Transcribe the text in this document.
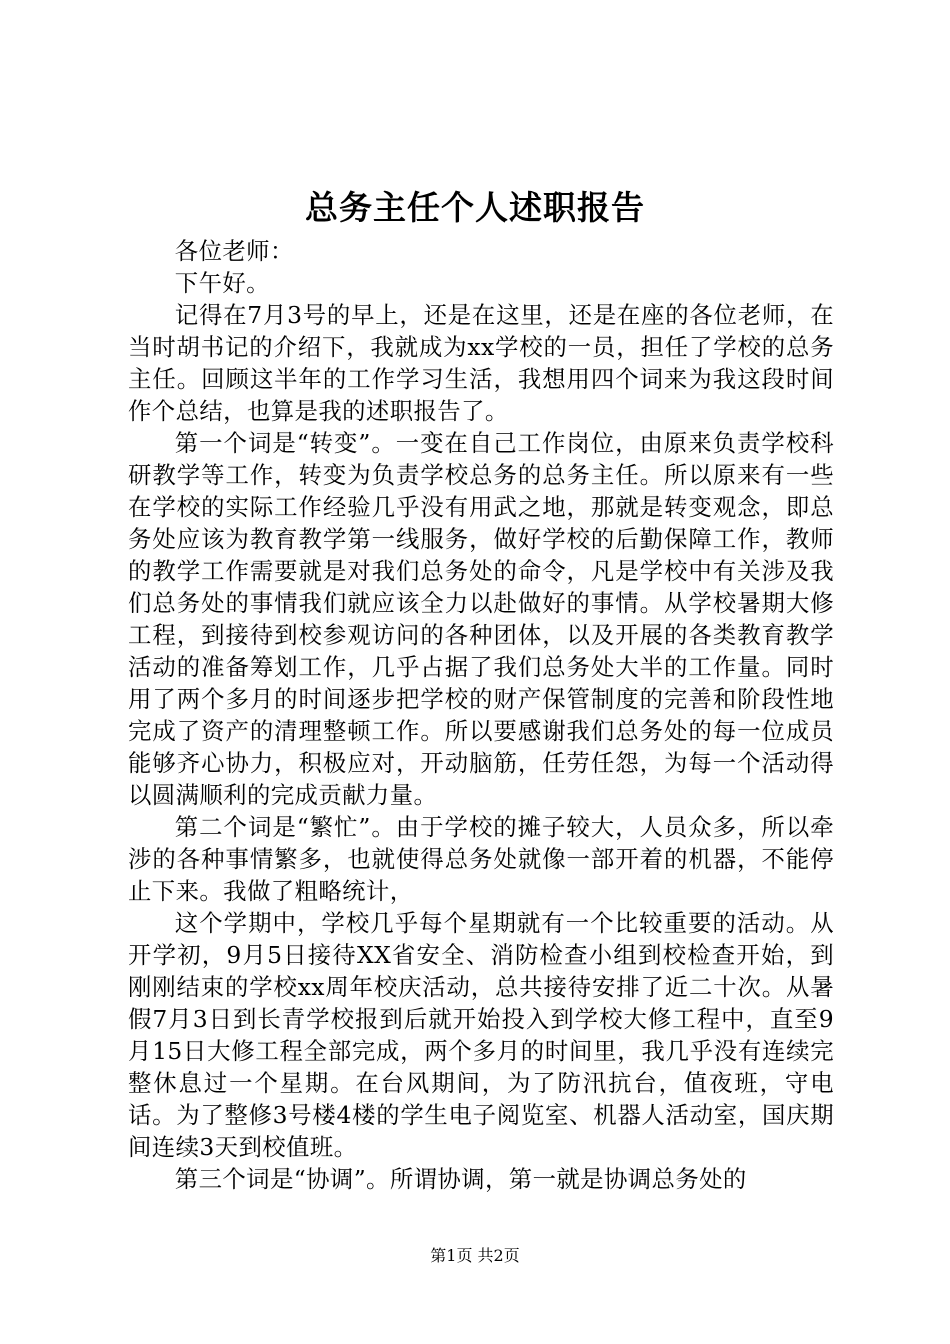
总务主任个人述职报告

各位老师：

下午好。

记得在7月3号的早上，还是在这里，还是在座的各位老师，在当时胡书记的介绍下，我就成为xx学校的一员，担任了学校的总务主任。回顾这半年的工作学习生活，我想用四个词来为我这段时间作个总结，也算是我的述职报告了。

第一个词是“转变”。一变在自己工作岗位，由原来负责学校科研教学等工作，转变为负责学校总务的总务主任。所以原来有一些在学校的实际工作经验几乎没有用武之地，那就是转变观念，即总务处应该为教育教学第一线服务，做好学校的后勤保障工作，教师的教学工作需要就是对我们总务处的命令，凡是学校中有关涉及我们总务处的事情我们就应该全力以赴做好的事情。从学校暑期大修工程，到接待到校参观访问的各种团体，以及开展的各类教育教学活动的准备筹划工作，几乎占据了我们总务处大半的工作量。同时用了两个多月的时间逐步把学校的财产保管制度的完善和阶段性地完成了资产的清理整顿工作。所以要感谢我们总务处的每一位成员能够齐心协力，积极应对，开动脑筋，任劳任怨，为每一个活动得以圆满顺利的完成贡献力量。

第二个词是“繁忙”。由于学校的摊子较大，人员众多，所以牵涉的各种事情繁多，也就使得总务处就像一部开着的机器，不能停止下来。我做了粗略统计，

这个学期中，学校几乎每个星期就有一个比较重要的活动。从开学初，9月5日接待XX省安全、消防检查小组到校检查开始，到刚刚结束的学校xx周年校庆活动，总共接待安排了近二十次。从暑假7月3日到长青学校报到后就开始投入到学校大修工程中，直至9月15日大修工程全部完成，两个多月的时间里，我几乎没有连续完整休息过一个星期。在台风期间，为了防汛抗台，值夜班，守电话。为了整修3号楼4楼的学生电子阅览室、机器人活动室，国庆期间连续3天到校值班。

第三个词是“协调”。所谓协调，第一就是协调总务处的

第1页 共2页
